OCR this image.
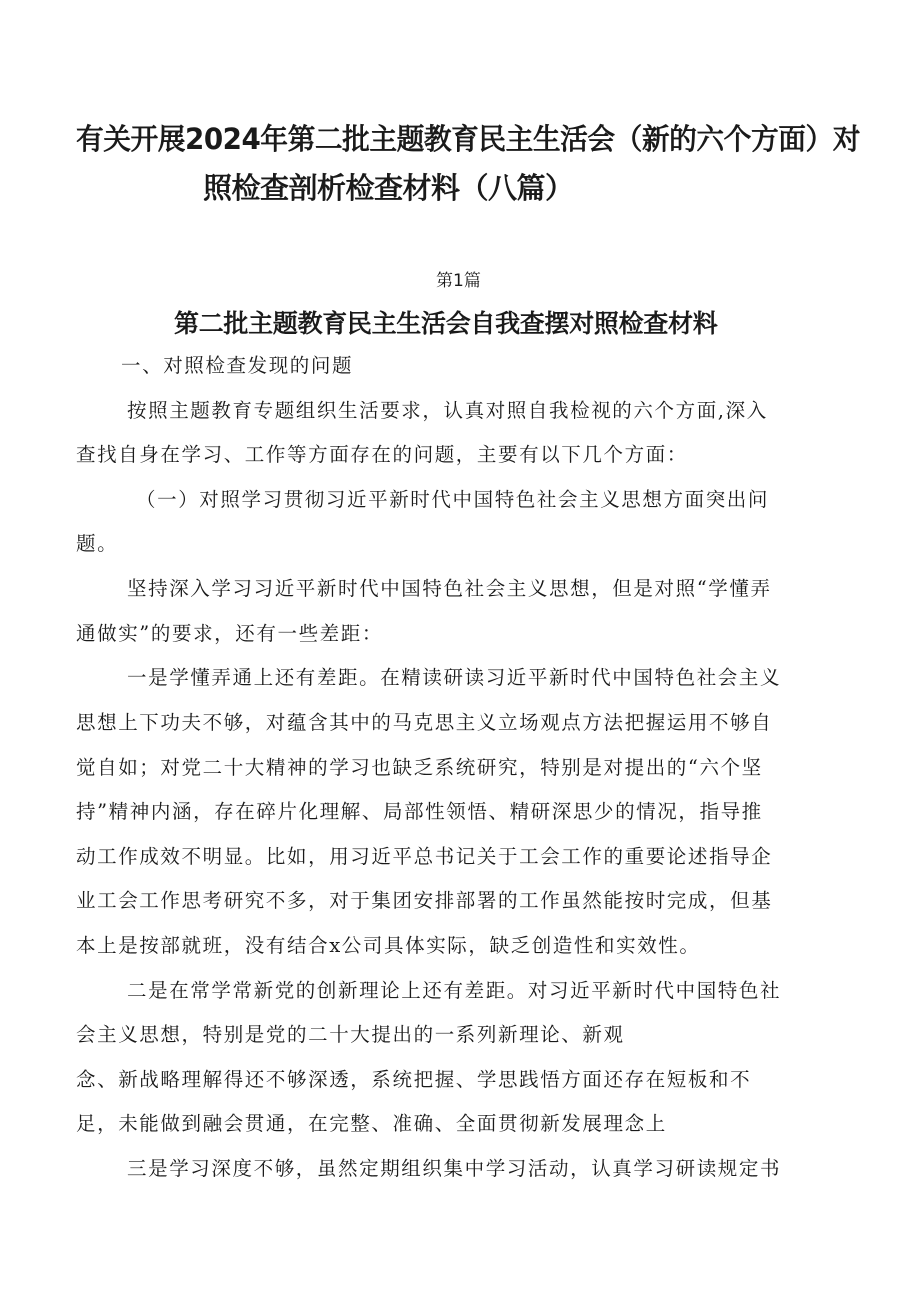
有关开展2024年第二批主题教育民主生活会（新的六个方面）对
照检查剖析检查材料（八篇）
第1篇
第二批主题教育民主生活会自我查摆对照检查材料

一、对照检查发现的问题

按照主题教育专题组织生活要求，认真对照自我检视的六个方面,深入

查找自身在学习、工作等方面存在的问题，主要有以下几个方面：

（一）对照学习贯彻习近平新时代中国特色社会主义思想方面突出问

题。

坚持深入学习习近平新时代中国特色社会主义思想，但是对照“学懂弄

通做实”的要求，还有一些差距：

一是学懂弄通上还有差距。在精读研读习近平新时代中国特色社会主义

思想上下功夫不够，对蕴含其中的马克思主义立场观点方法把握运用不够自

觉自如；对党二十大精神的学习也缺乏系统研究，特别是对提出的“六个坚

持”精神内涵，存在碎片化理解、局部性领悟、精研深思少的情况，指导推

动工作成效不明显。比如，用习近平总书记关于工会工作的重要论述指导企

业工会工作思考研究不多，对于集团安排部署的工作虽然能按时完成，但基

本上是按部就班，没有结合x公司具体实际，缺乏创造性和实效性。

二是在常学常新党的创新理论上还有差距。对习近平新时代中国特色社

会主义思想，特别是党的二十大提出的一系列新理论、新观

念、新战略理解得还不够深透，系统把握、学思践悟方面还存在短板和不

足，未能做到融会贯通，在完整、准确、全面贯彻新发展理念上

三是学习深度不够，虽然定期组织集中学习活动，认真学习研读规定书
